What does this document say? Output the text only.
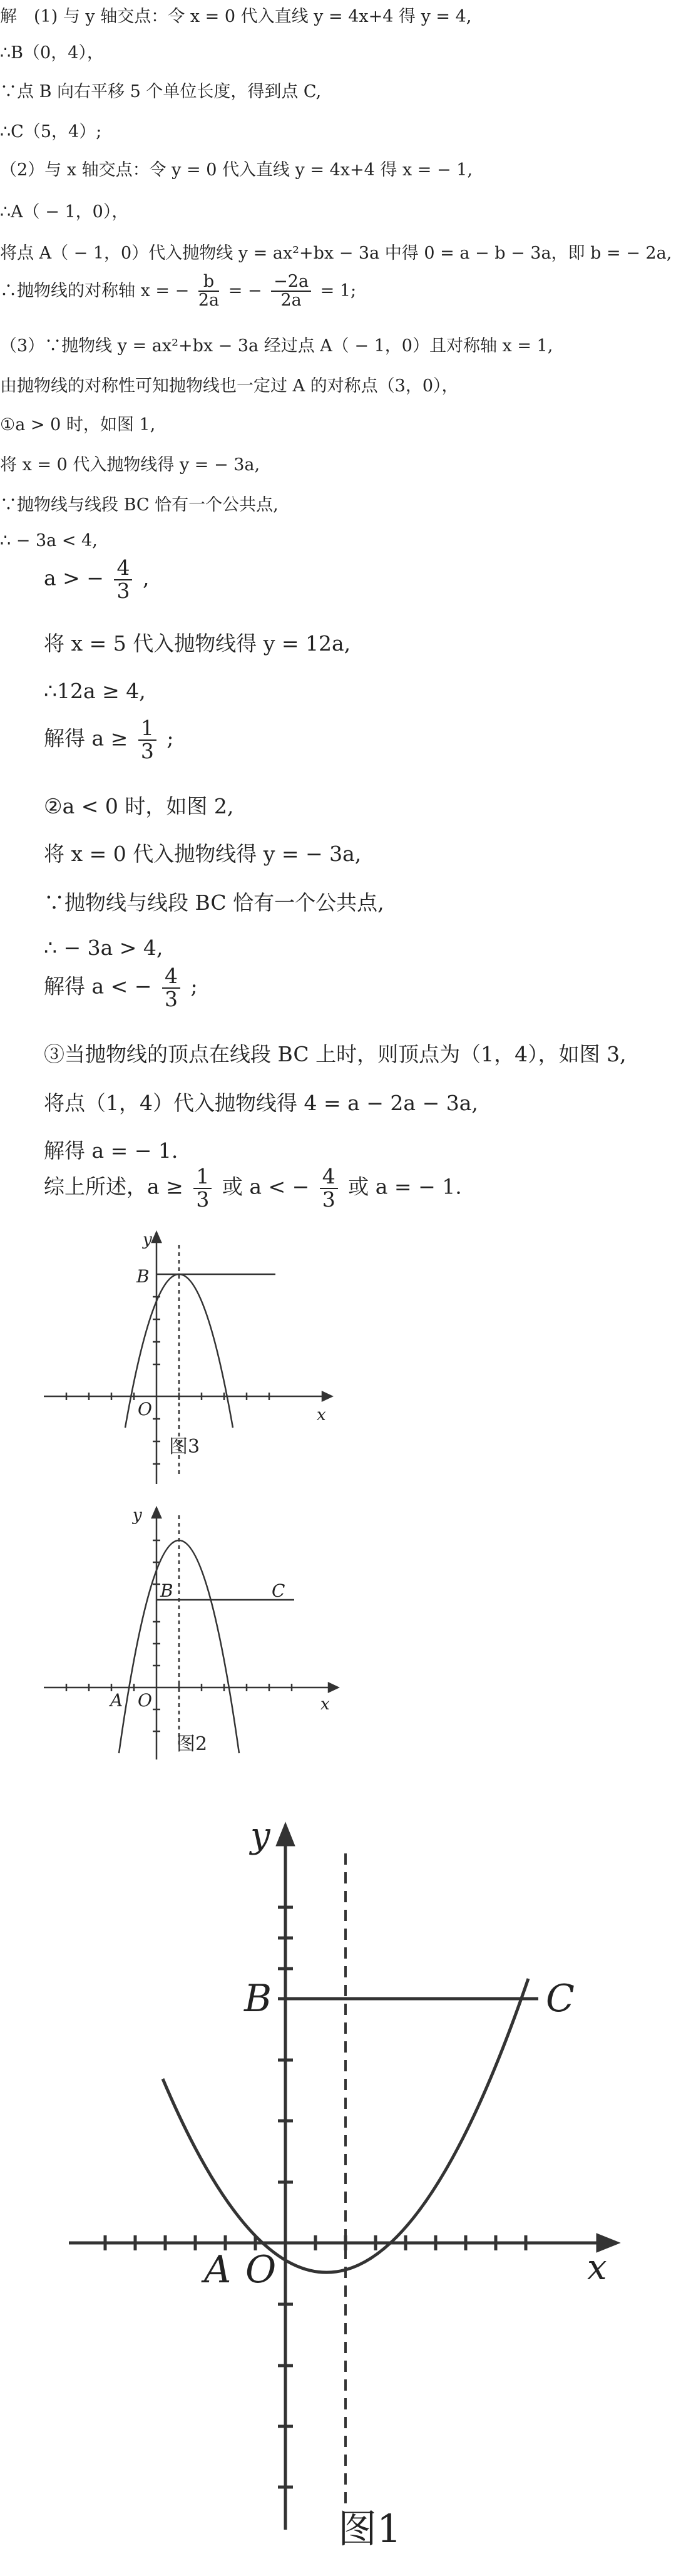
解　(1) 与 y 轴交点：令 x = 0 代入直线 y = 4x+4 得 y = 4,
∴B（0，4），
∵点 B 向右平移 5 个单位长度，得到点 C,
∴C（5，4）;
（2）与 x 轴交点：令 y = 0 代入直线 y = 4x+4 得 x = − 1,
∴A（ − 1，0），
将点 A（ − 1，0）代入抛物线 y = ax²+bx − 3a 中得 0 = a − b − 3a，即 b = − 2a,
∴抛物线的对称轴 x = − $\frac{b}{2a}$ = − $\frac{-2a}{2a} = 1$;
（3）∵抛物线 y = ax²+bx − 3a 经过点 A（ − 1，0）且对称轴 x = 1,
由抛物线的对称性可知抛物线也一定过 A 的对称点（3，0），
①a > 0 时，如图 1,
将 x = 0 代入抛物线得 y = − 3a,
∵抛物线与线段 BC 恰有一个公共点,
∴ − 3a < 4,
a > − $\frac{4}{3}$ ,
将 x = 5 代入抛物线得 y = 12a,
∴12a ≥ 4,
解得 $a \ge \frac{1}{3}$ ;
②a < 0 时，如图 2,
将 x = 0 代入抛物线得 y = − 3a,
∵抛物线与线段 BC 恰有一个公共点,
∴ − 3a > 4,
解得 a < − $\frac{4}{3}$ ;
③当抛物线的顶点在线段 BC 上时，则顶点为（1，4），如图 3,
将点（1，4）代入抛物线得 4 = a − 2a − 3a,
解得 a = − 1.
综上所述，$a \ge \frac{1}{3}$ 或 a < − $\frac{4}{3}$ 或 a = − 1.
y
x
B
O
图3
y
x
B	C
A O
图2
y
x
B	C
A O
图1
